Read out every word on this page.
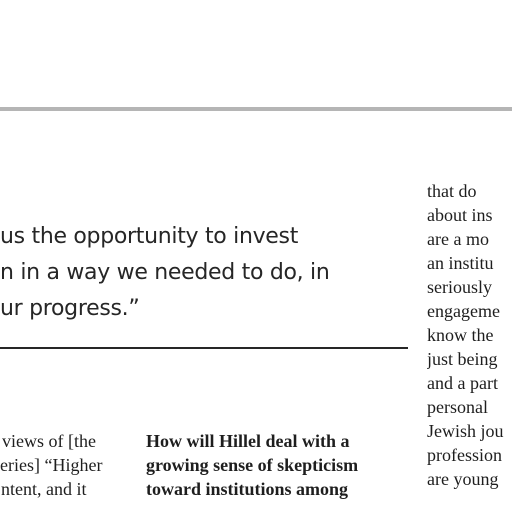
us the opportunity to invest
n in a way we needed to do, in
ur progress.”
views of [the
eries] “Higher
ntent, and it
How will Hillel deal with a
growing sense of skepticism
toward institutions among
that do
about ins
are a mo
an institu
seriously
engageme
know the
just being
and a part
personal
Jewish jou
profession
are young
